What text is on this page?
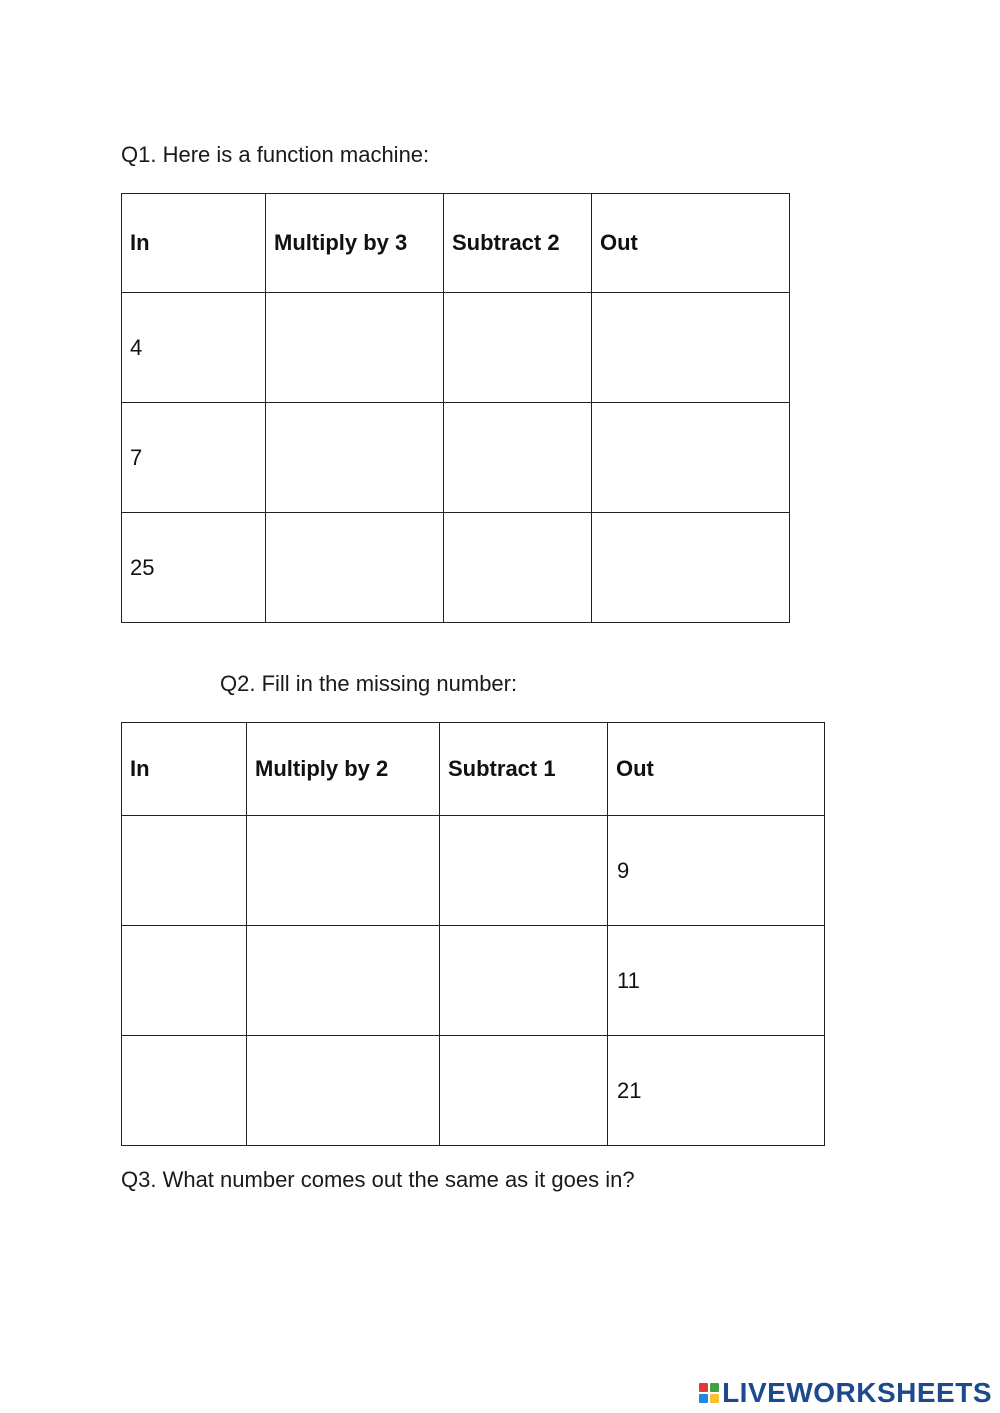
Q1. Here is a function machine:

In	Multiply by 3	Subtract 2	Out
4			
7			
25			

Q2. Fill in the missing number:

In	Multiply by 2	Subtract 1	Out
			9
			11
			21

Q3. What number comes out the same as it goes in?

LIVEWORKSHEETS
